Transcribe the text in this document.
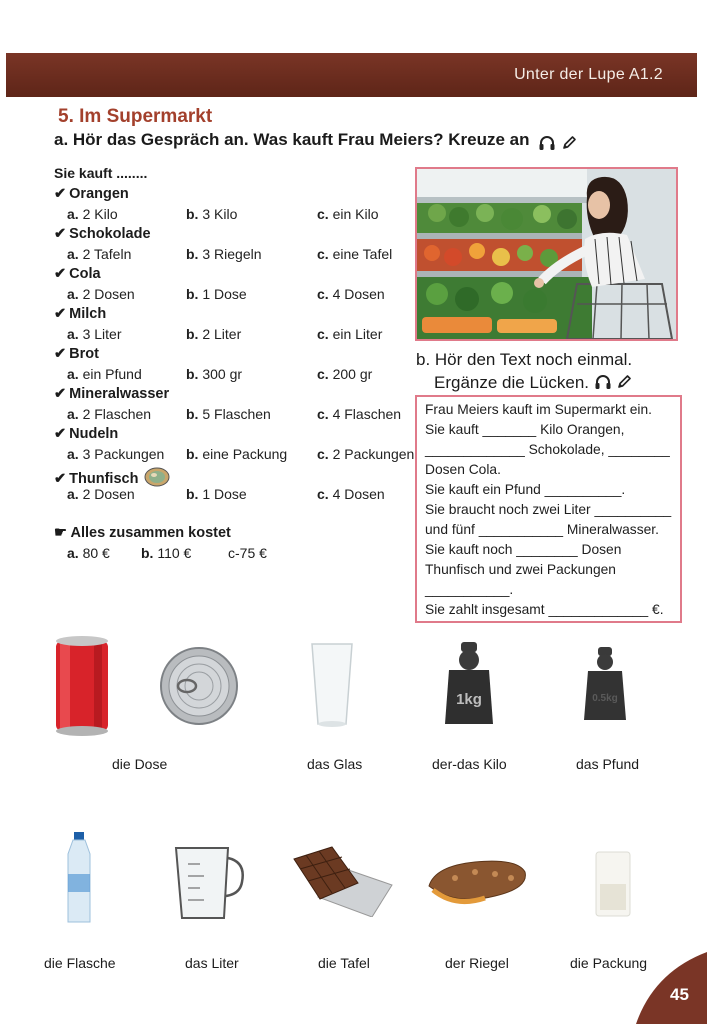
Unter der Lupe A1.2
5. Im Supermarkt
a. Hör das Gespräch an. Was kauft Frau Meiers? Kreuze an
Sie kauft ........
✔ Orangen
a. 2 Kilo	b. 3 Kilo	c. ein Kilo
✔ Schokolade
a. 2 Tafeln	b. 3 Riegeln	c. eine Tafel
✔ Cola
a. 2 Dosen	b. 1 Dose	c. 4 Dosen
✔ Milch
a. 3 Liter	b. 2 Liter	c. ein Liter
✔ Brot
a. ein Pfund	b. 300 gr	c. 200 gr
✔ Mineralwasser
a. 2 Flaschen b. 5 Flaschen	c. 4 Flaschen
✔ Nudeln
a. 3 Packungen b. eine Packung c. 2 Packungen
✔ Thunfisch
a. 2 Dosen	b. 1 Dose	c. 4 Dosen
☛ Alles zusammen kostet
a. 80 € b. 110 €	c-75 €
b. Hör den Text noch einmal.
Ergänze die Lücken.
Frau Meiers kauft im Supermarkt ein.
Sie kauft _______ Kilo Orangen,
_____________ Schokolade, ________
Dosen Cola.
Sie kauft ein Pfund __________.
Sie braucht noch zwei Liter __________
und fünf ___________ Mineralwasser.
Sie kauft noch ________ Dosen
Thunfisch und zwei Packungen
___________.
Sie zahlt insgesamt _____________ €.
1kg	0.5kg
die Dose	das Glas	der-das Kilo	das Pfund
die Flasche	das Liter	die Tafel	der Riegel	die Packung
45
